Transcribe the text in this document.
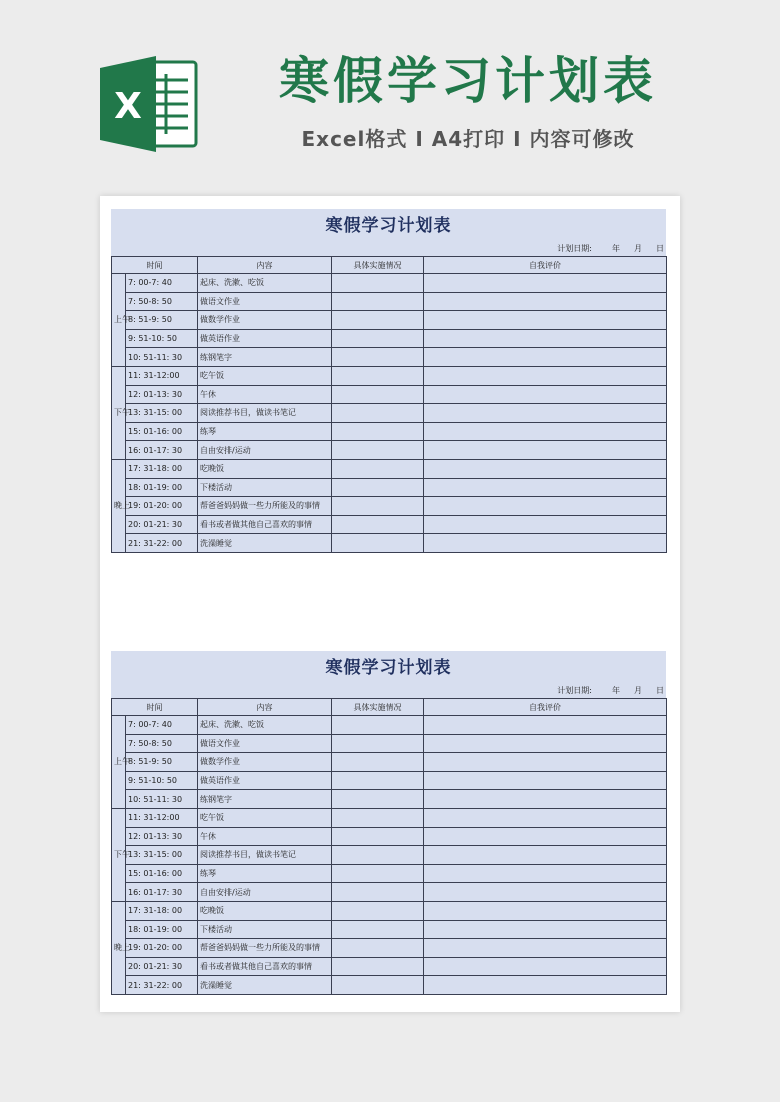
X	寒假学习计划表
Excel格式 Ⅰ A4打印 Ⅰ 内容可修改
寒假学习计划表
计划日期:	年 月 日
时间		内容	具体实施情况	自我评价
上午	7: 00-7: 40	起床、洗漱、吃饭		
	7: 50-8: 50	做语文作业		
	8: 51-9: 50	做数学作业		
	9: 51-10: 50	做英语作业		
	10: 51-11: 30	练钢笔字		
下午	11: 31-12:00	吃午饭		
	12: 01-13: 30	午休		
	13: 31-15: 00	阅读推荐书目，做读书笔记		
	15: 01-16: 00	练琴		
	16: 01-17: 30	自由安排/运动		
晚上	17: 31-18: 00	吃晚饭		
	18: 01-19: 00	下楼活动		
	19: 01-20: 00	帮爸爸妈妈做一些力所能及的事情		
	20: 01-21: 30	看书或者做其他自己喜欢的事情		
	21: 31-22: 00	洗澡睡觉		
寒假学习计划表
计划日期:	年 月 日
时间		内容	具体实施情况	自我评价
上午	7: 00-7: 40	起床、洗漱、吃饭		
	7: 50-8: 50	做语文作业		
	8: 51-9: 50	做数学作业		
	9: 51-10: 50	做英语作业		
	10: 51-11: 30	练钢笔字		
下午	11: 31-12:00	吃午饭		
	12: 01-13: 30	午休		
	13: 31-15: 00	阅读推荐书目，做读书笔记		
	15: 01-16: 00	练琴		
	16: 01-17: 30	自由安排/运动		
晚上	17: 31-18: 00	吃晚饭		
	18: 01-19: 00	下楼活动		
	19: 01-20: 00	帮爸爸妈妈做一些力所能及的事情		
	20: 01-21: 30	看书或者做其他自己喜欢的事情		
	21: 31-22: 00	洗澡睡觉		
